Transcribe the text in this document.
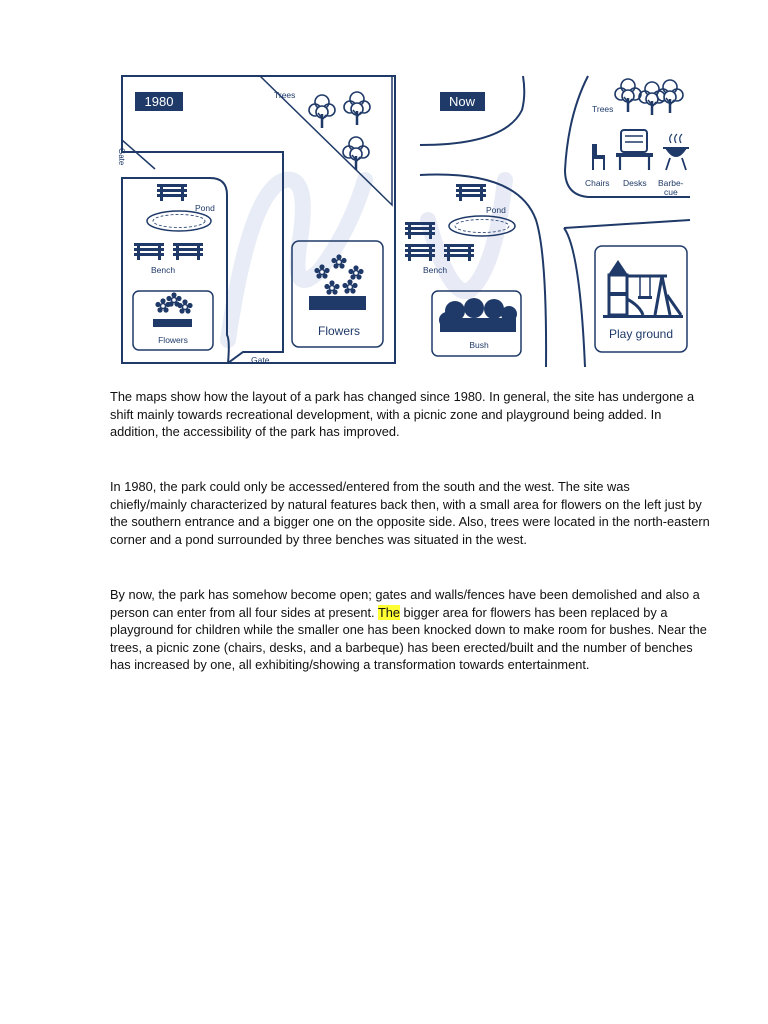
1980	Trees
Gate
Gate
Pond
Bench
Flowers
Flowers
Now	Trees
Chairs Desks Barbe- cue
Pond
Bench
Bush
Play ground

The maps show how the layout of a park has changed since 1980. In general, the site has undergone a shift mainly towards recreational development, with a picnic zone and playground being added. In addition, the accessibility of the park has improved.

In 1980, the park could only be accessed/entered from the south and the west. The site was chiefly/mainly characterized by natural features back then, with a small area for flowers on the left just by the southern entrance and a bigger one on the opposite side. Also, trees were located in the north-eastern corner and a pond surrounded by three benches was situated in the west.

By now, the park has somehow become open; gates and walls/fences have been demolished and also a person can enter from all four sides at present. The bigger area for flowers has been replaced by a playground for children while the smaller one has been knocked down to make room for bushes. Near the trees, a picnic zone (chairs, desks, and a barbeque) has been erected/built and the number of benches has increased by one, all exhibiting/showing a transformation towards entertainment.
